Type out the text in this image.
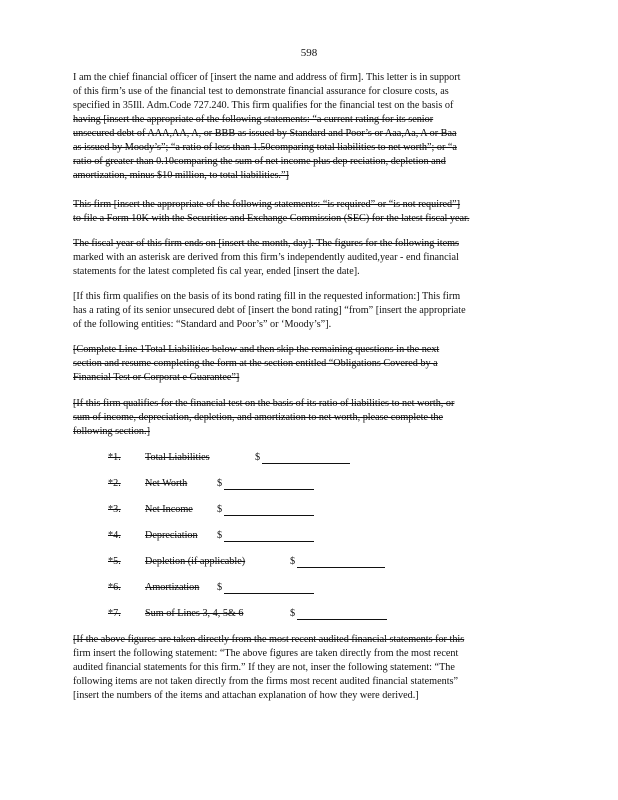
598
I am the chief financial officer of [insert the name and address of firm]. This letter is in support
of this firm’s use of the financial test to demonstrate financial assurance for closure costs, as
specified in 35Ill. Adm.Code 727.240. This firm qualifies for the financial test on the basis of
having [insert the appropriate of the following statements: “a current rating for its senior
unsecured debt of AAA,AA, A, or BBB as issued by Standard and Poor’s or Aaa,Aa, A or Baa
as issued by Moody’s”; “a ratio of less than 1.50comparing total liabilities to net worth”; or “a
ratio of greater than 0.10comparing the sum of net income plus dep reciation, depletion and
amortization, minus $10 million, to total liabilities.”]
This firm [insert the appropriate of the following statements: “is required” or “is not required”]
to file a Form 10K with the Securities and Exchange Commission (SEC) for the latest fiscal year.
The fiscal year of this firm ends on [insert the month, day]. The figures for the following items
marked with an asterisk are derived from this firm’s independently audited,year - end financial
statements for the latest completed fis cal year, ended [insert the date].
[If this firm qualifies on the basis of its bond rating fill in the requested information:] This firm
has a rating of its senior unsecured debt of [insert the bond rating] “from” [insert the appropriate
of the following entities: “Standard and Poor’s” or ‘Moody’s”].
[Complete Line 1Total Liabilities below and then skip the remaining questions in the next
section and resume completing the form at the section entitled “Obligations Covered by a
Financial Test or Corporat e Guarantee”]
[If this firm qualifies for the financial test on the basis of its ratio of liabilities to net worth, or
sum of income, depreciation, depletion, and amortization to net worth, please complete the
following section.]
[If the above figures are taken directly from the most recent audited financial statements for this
firm insert the following statement: “The above figures are taken directly from the most recent
audited financial statements for this firm.” If they are not, inser the following statement: “The
following items are not taken directly from the firms most recent audited financial statements”
[insert the numbers of the items and attachan explanation of how they were derived.]
*1. Total Liabilities	$
*2. Net Worth	$
*3. Net Income $
*4. Depreciation $
*5. Depletion (if applicable)	$
*6. Amortization $
*7. Sum of Lines 3, 4, 5& 6	$
